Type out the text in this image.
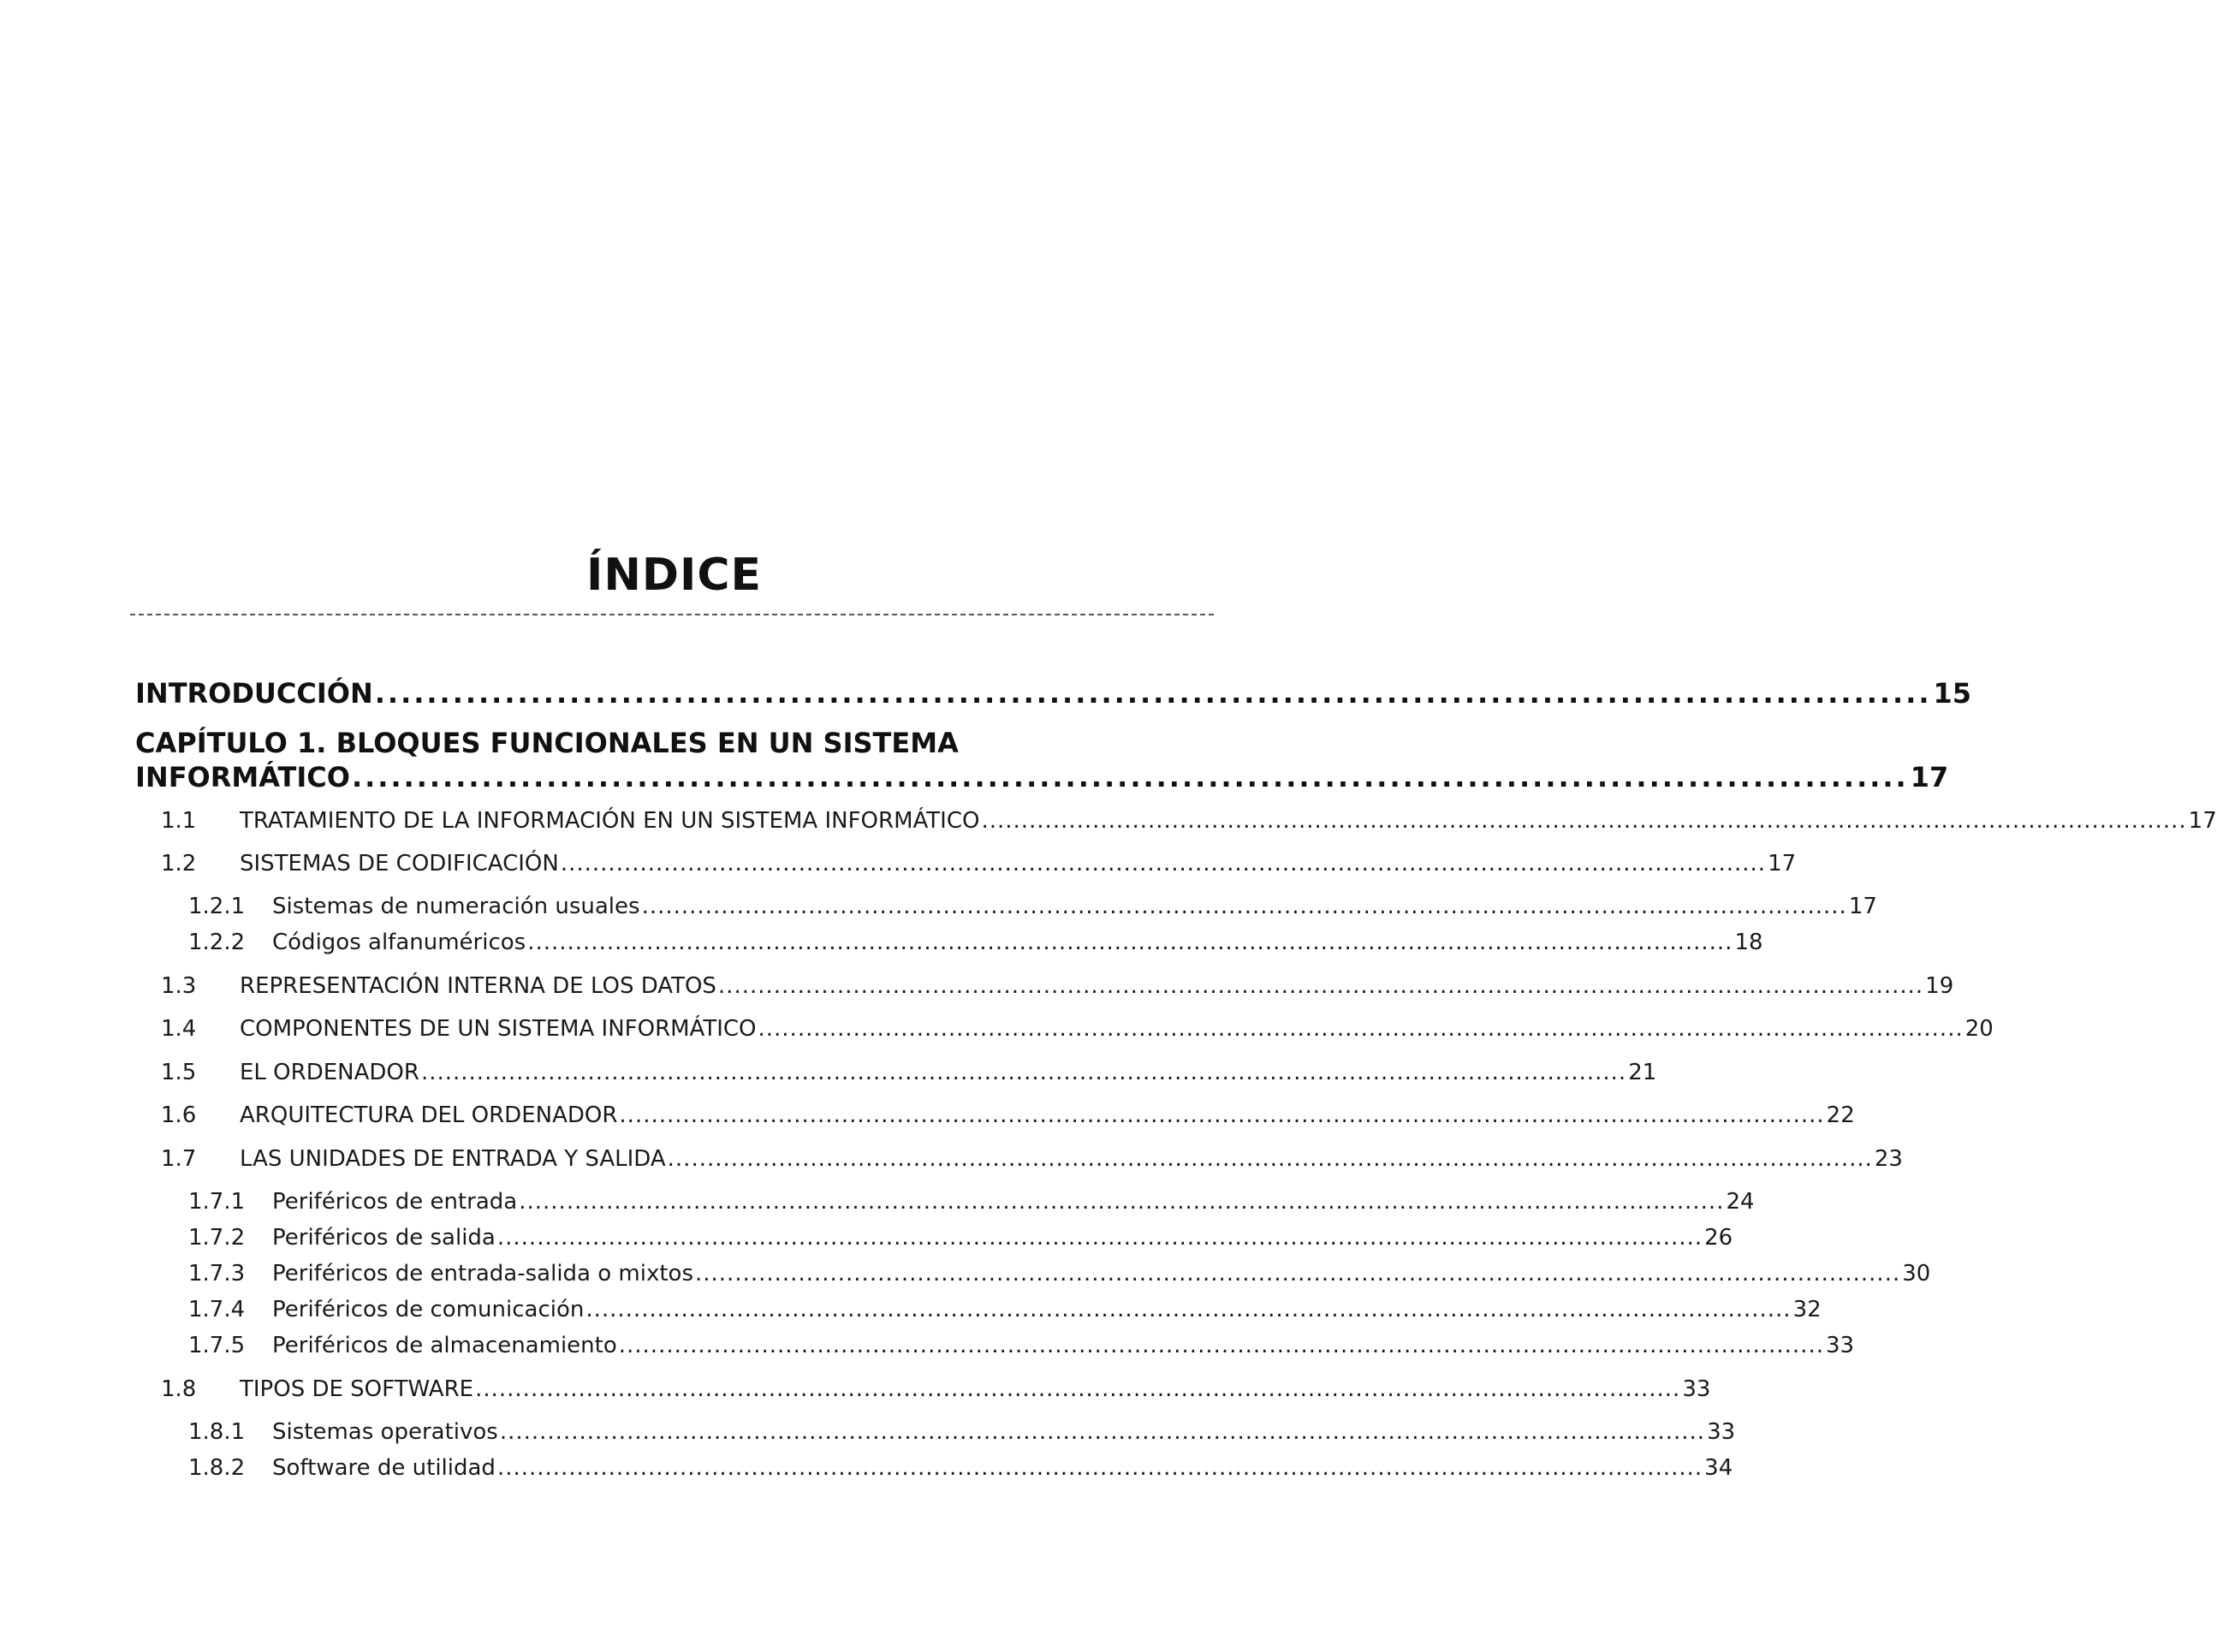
ÍNDICE
INTRODUCCIÓN ........................................................................................................................ 15
CAPÍTULO 1. BLOQUES FUNCIONALES EN UN SISTEMA
INFORMÁTICO ........................................................................................................................ 17
1.1	TRATAMIENTO DE LA INFORMACIÓN EN UN SISTEMA INFORMÁTICO ........................................................................................................................................................ 17
1.2	SISTEMAS DE CODIFICACIÓN ........................................................................................................................................................ 17
1.2.1	Sistemas de numeración usuales ........................................................................................................................................................ 17
1.2.2	Códigos alfanuméricos ........................................................................................................................................................ 18
1.3	REPRESENTACIÓN INTERNA DE LOS DATOS ........................................................................................................................................................ 19
1.4	COMPONENTES DE UN SISTEMA INFORMÁTICO ........................................................................................................................................................ 20
1.5	EL ORDENADOR ........................................................................................................................................................ 21
1.6	ARQUITECTURA DEL ORDENADOR ........................................................................................................................................................ 22
1.7	LAS UNIDADES DE ENTRADA Y SALIDA ........................................................................................................................................................ 23
1.7.1	Periféricos de entrada ........................................................................................................................................................ 24
1.7.2	Periféricos de salida ........................................................................................................................................................ 26
1.7.3	Periféricos de entrada-salida o mixtos ........................................................................................................................................................ 30
1.7.4	Periféricos de comunicación ........................................................................................................................................................ 32
1.7.5	Periféricos de almacenamiento ........................................................................................................................................................ 33
1.8	TIPOS DE SOFTWARE ........................................................................................................................................................ 33
1.8.1	Sistemas operativos ........................................................................................................................................................ 33
1.8.2	Software de utilidad ........................................................................................................................................................ 34
